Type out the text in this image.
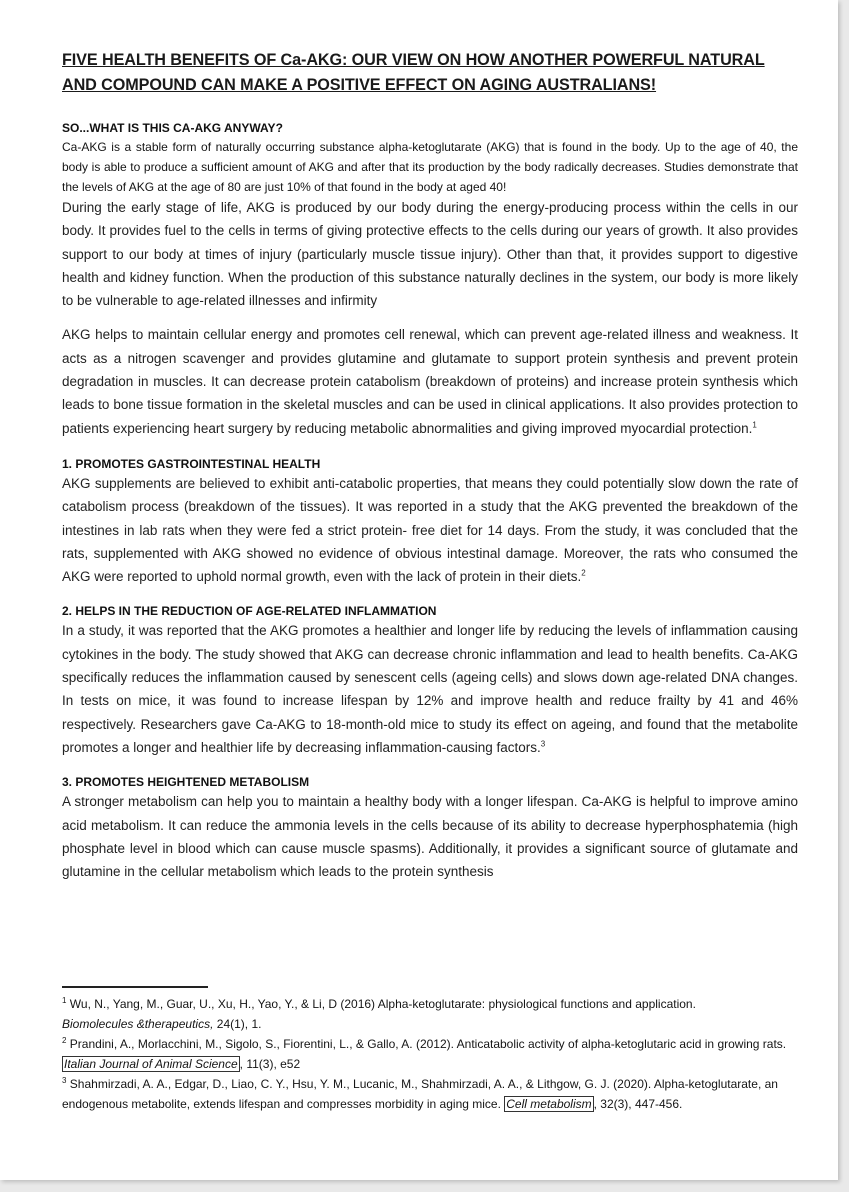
FIVE HEALTH BENEFITS OF Ca-AKG: OUR VIEW ON HOW ANOTHER POWERFUL NATURAL AND COMPOUND CAN MAKE A POSITIVE EFFECT ON AGING AUSTRALIANS!
SO...WHAT IS THIS CA-AKG ANYWAY?

Ca-AKG is a stable form of naturally occurring substance alpha-ketoglutarate (AKG) that is found in the body. Up to the age of 40, the body is able to produce a sufficient amount of AKG and after that its production by the body radically decreases. Studies demonstrate that the levels of AKG at the age of 80 are just 10% of that found in the body at aged 40!

During the early stage of life, AKG is produced by our body during the energy-producing process within the cells in our body. It provides fuel to the cells in terms of giving protective effects to the cells during our years of growth. It also provides support to our body at times of injury (particularly muscle tissue injury). Other than that, it provides support to digestive health and kidney function. When the production of this substance naturally declines in the system, our body is more likely to be vulnerable to age-related illnesses and infirmity

AKG helps to maintain cellular energy and promotes cell renewal, which can prevent age-related illness and weakness. It acts as a nitrogen scavenger and provides glutamine and glutamate to support protein synthesis and prevent protein degradation in muscles. It can decrease protein catabolism (breakdown of proteins) and increase protein synthesis which leads to bone tissue formation in the skeletal muscles and can be used in clinical applications. It also provides protection to patients experiencing heart surgery by reducing metabolic abnormalities and giving improved myocardial protection.$^1$

1. PROMOTES GASTROINTESTINAL HEALTH

AKG supplements are believed to exhibit anti-catabolic properties, that means they could potentially slow down the rate of catabolism process (breakdown of the tissues). It was reported in a study that the AKG prevented the breakdown of the intestines in lab rats when they were fed a strict protein- free diet for 14 days. From the study, it was concluded that the rats, supplemented with AKG showed no evidence of obvious intestinal damage. Moreover, the rats who consumed the AKG were reported to uphold normal growth, even with the lack of protein in their diets.$^2$

2. HELPS IN THE REDUCTION OF AGE-RELATED INFLAMMATION

In a study, it was reported that the AKG promotes a healthier and longer life by reducing the levels of inflammation causing cytokines in the body. The study showed that AKG can decrease chronic inflammation and lead to health benefits. Ca-AKG specifically reduces the inflammation caused by senescent cells (ageing cells) and slows down age-related DNA changes. In tests on mice, it was found to increase lifespan by 12% and improve health and reduce frailty by 41 and 46% respectively. Researchers gave Ca-AKG to 18-month-old mice to study its effect on ageing, and found that the metabolite promotes a longer and healthier life by decreasing inflammation-causing factors.$^3$

3. PROMOTES HEIGHTENED METABOLISM

A stronger metabolism can help you to maintain a healthy body with a longer lifespan. Ca-AKG is helpful to improve amino acid metabolism. It can reduce the ammonia levels in the cells because of its ability to decrease hyperphosphatemia (high phosphate level in blood which can cause muscle spasms). Additionally, it provides a significant source of glutamate and glutamine in the cellular metabolism which leads to the protein synthesis

$^1$ Wu, N., Yang, M., Guar, U., Xu, H., Yao, Y., & Li, D (2016) Alpha-ketoglutarate: physiological functions and application.
Biomolecules &therapeutics, 24(1), 1.

$^2$ Prandini, A., Morlacchini, M., Sigolo, S., Fiorentini, L., & Gallo, A. (2012). Anticatabolic activity of alpha-ketoglutaric acid in growing rats. Italian Journal of Animal Science , 11(3), e52

$^3$ Shahmirzadi, A. A., Edgar, D., Liao, C. Y., Hsu, Y. M., Lucanic, M., Shahmirzadi, A. A., & Lithgow, G. J. (2020). Alpha-ketoglutarate, an endogenous metabolite, extends lifespan and compresses morbidity in aging mice. Cell metabolism , 32(3), 447-456.
